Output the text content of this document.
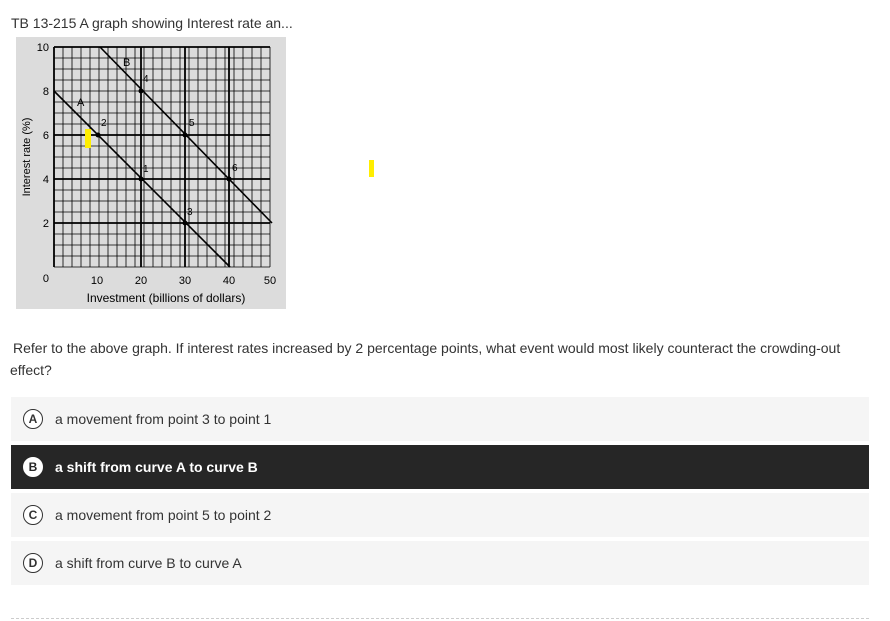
TB 13-215 A graph showing Interest rate an...
A
B
1
2
3
4
5
6
10
8
6
4
2
0	10	20	30	40	50
Investment (billions of dollars)
Interest rate (%)
Refer to the above graph. If interest rates increased by 2 percentage points, what event would most likely counteract the crowding-out effect?
A	a movement from point 3 to point 1
B	a shift from curve A to curve B
C	a movement from point 5 to point 2
D	a shift from curve B to curve A
